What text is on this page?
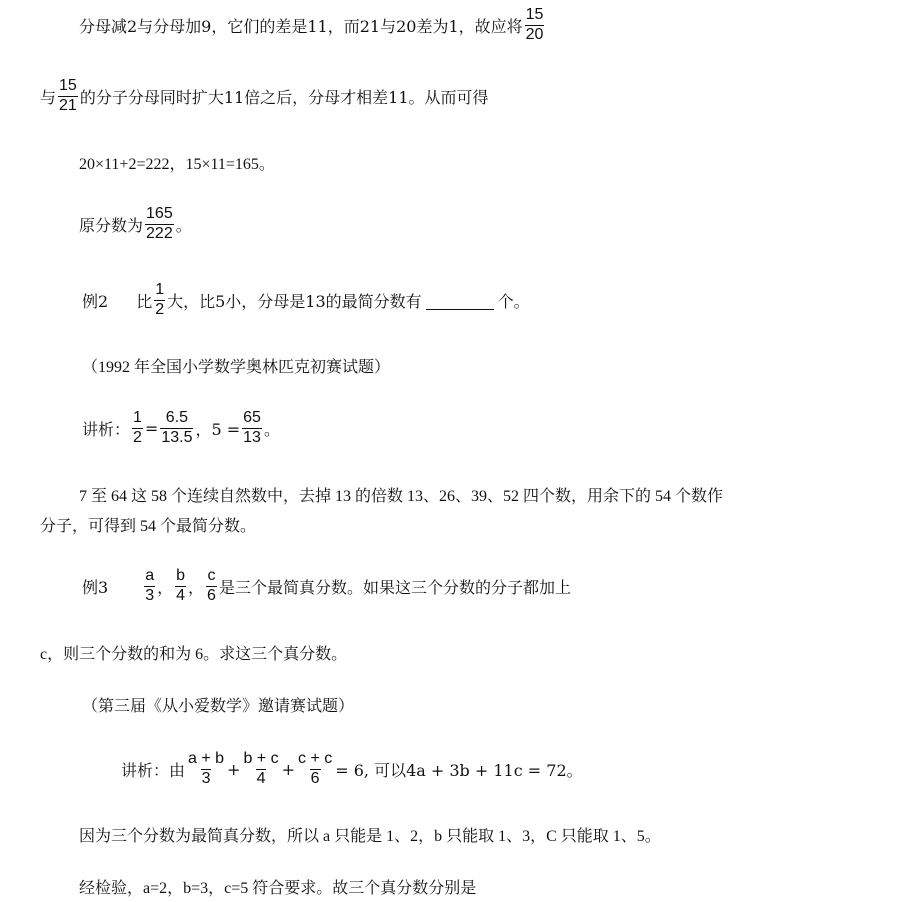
分母减2与分母加9，它们的差是11，而21与20差为1，故应将 $\frac{15}{20}$
与 $\frac{15}{21}$ 的分子分母同时扩大11倍之后，分母才相差11。从而可得
20×11+2=222，15×11=165。
原分数为 $\frac{165}{222}$ 。
例2 比 $\frac{1}{2}$ 大，比5小，分母是13的最简分数有	个。
（1992 年全国小学数学奥林匹克初赛试题）
讲析： $\frac{1}{2} = \frac{6.5}{13.5}$ ，$5 = \frac{65}{13}$ 。
7 至 64 这 58 个连续自然数中，去掉 13 的倍数 13、26、39、52 四个数，用余下的 54 个数作
分子，可得到 54 个最简分数。
例$3 \frac{a}{3}$ ， $\frac{b}{4}$ ， $\frac{c}{6}$ 是三个最简真分数。如果这三个分数的分子都加上
c，则三个分数的和为 6。求这三个真分数。
（第三届《从小爱数学》邀请赛试题）
讲析：由 $\frac{a + b}{3} + \frac{b + c}{4} + \frac{c + c}{6} = 6$, 可以4a + 3b + 11c = 72。
因为三个分数为最简真分数，所以 a 只能是 1、2，b 只能取 1、3，C 只能取 1、5。
经检验，a=2，b=3，c=5 符合要求。故三个真分数分别是
